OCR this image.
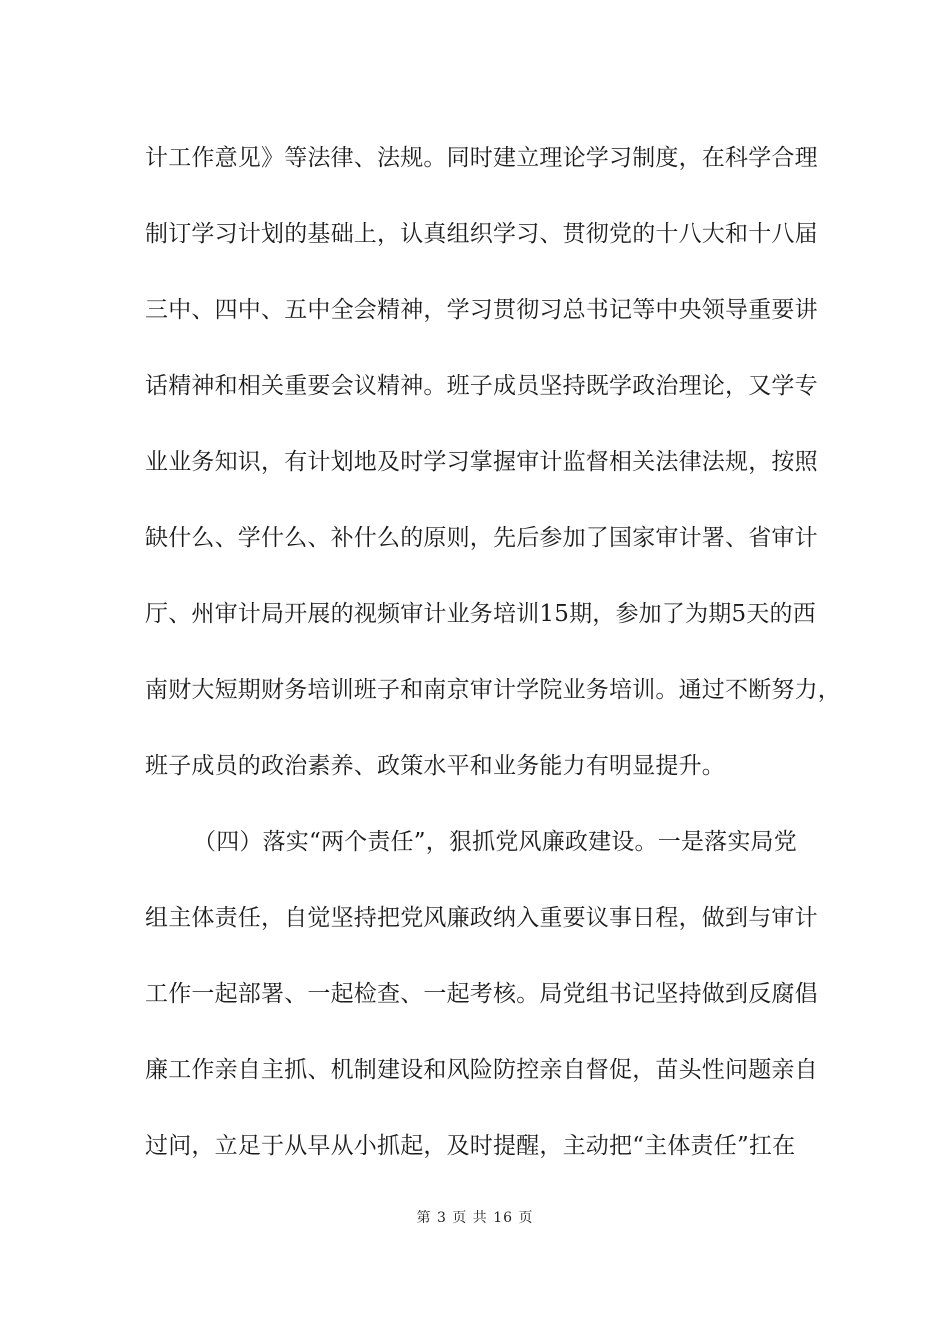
计工作意见》等法律、法规。同时建立理论学习制度，在科学合理
制订学习计划的基础上，认真组织学习、贯彻党的十八大和十八届
三中、四中、五中全会精神，学习贯彻习总书记等中央领导重要讲
话精神和相关重要会议精神。班子成员坚持既学政治理论，又学专
业业务知识，有计划地及时学习掌握审计监督相关法律法规，按照
缺什么、学什么、补什么的原则，先后参加了国家审计署、省审计
厅、州审计局开展的视频审计业务培训15期，参加了为期5天的西
南财大短期财务培训班子和南京审计学院业务培训。通过不断努力，
班子成员的政治素养、政策水平和业务能力有明显提升。
（四）落实“两个责任”，狠抓党风廉政建设。一是落实局党
组主体责任，自觉坚持把党风廉政纳入重要议事日程，做到与审计
工作一起部署、一起检查、一起考核。局党组书记坚持做到反腐倡
廉工作亲自主抓、机制建设和风险防控亲自督促，苗头性问题亲自
过问，立足于从早从小抓起，及时提醒，主动把“主体责任”扛在
第 3 页 共 16 页
